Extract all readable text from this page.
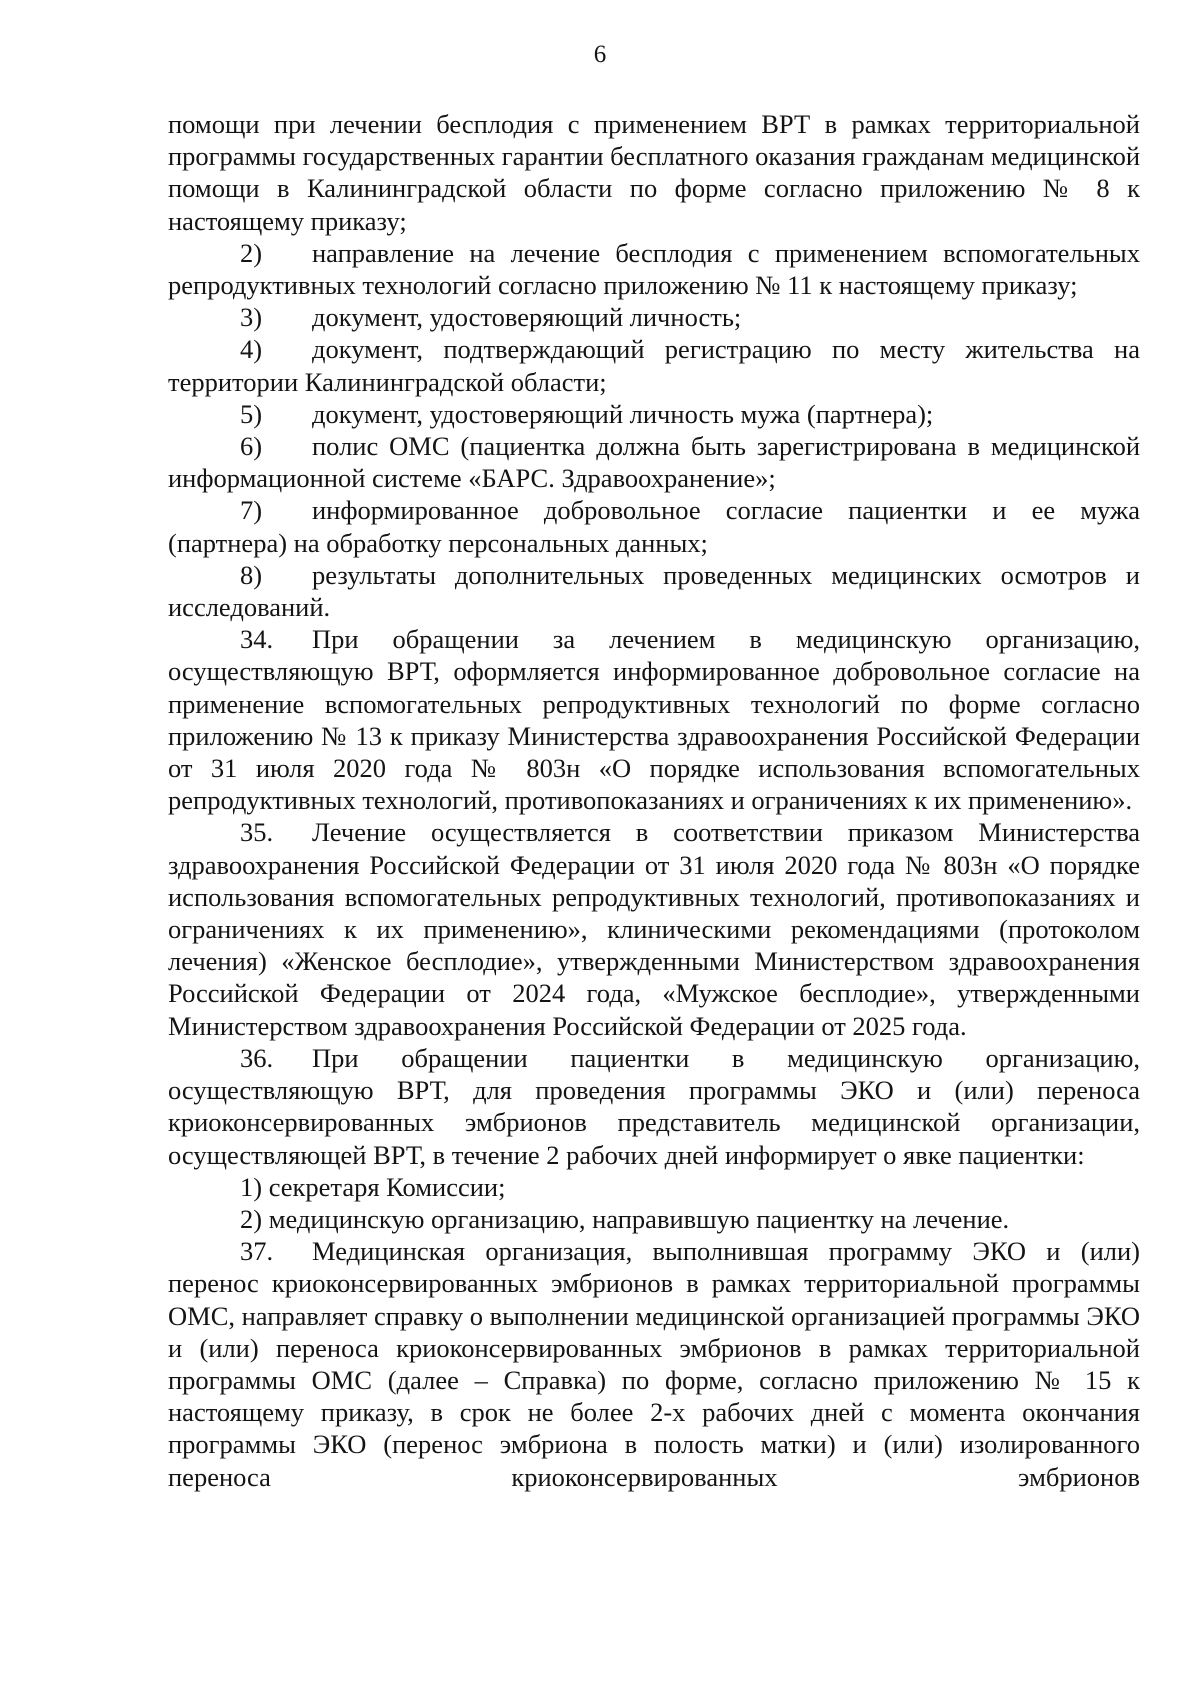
6

помощи при лечении бесплодия с применением ВРТ в рамках территориальной программы государственных гарантии бесплатного оказания гражданам медицинской помощи в Калининградской области по форме согласно приложению № 8 к настоящему приказу;

2) направление на лечение бесплодия с применением вспомогательных репродуктивных технологий согласно приложению № 11 к настоящему приказу;

3) документ, удостоверяющий личность;

4) документ, подтверждающий регистрацию по месту жительства на территории Калининградской области;

5) документ, удостоверяющий личность мужа (партнера);

6) полис ОМС (пациентка должна быть зарегистрирована в медицинской информационной системе «БАРС. Здравоохранение»;

7) информированное добровольное согласие пациентки и ее мужа (партнера) на обработку персональных данных;

8) результаты дополнительных проведенных медицинских осмотров и исследований.

34. При обращении за лечением в медицинскую организацию, осуществляющую ВРТ, оформляется информированное добровольное согласие на применение вспомогательных репродуктивных технологий по форме согласно приложению № 13 к приказу Министерства здравоохранения Российской Федерации от 31 июля 2020 года № 803н «О порядке использования вспомогательных репродуктивных технологий, противопоказаниях и ограничениях к их применению».

35. Лечение осуществляется в соответствии приказом Министерства здравоохранения Российской Федерации от 31 июля 2020 года № 803н «О порядке использования вспомогательных репродуктивных технологий, противопоказаниях и ограничениях к их применению», клиническими рекомендациями (протоколом лечения) «Женское бесплодие», утвержденными Министерством здравоохранения Российской Федерации от 2024 года, «Мужское бесплодие», утвержденными Министерством здравоохранения Российской Федерации от 2025 года.

36. При обращении пациентки в медицинскую организацию, осуществляющую ВРТ, для проведения программы ЭКО и (или) переноса криоконсервированных эмбрионов представитель медицинской организации, осуществляющей ВРТ, в течение 2 рабочих дней информирует о явке пациентки:

1) секретаря Комиссии;

2) медицинскую организацию, направившую пациентку на лечение.

37. Медицинская организация, выполнившая программу ЭКО и (или) перенос криоконсервированных эмбрионов в рамках территориальной программы ОМС, направляет справку о выполнении медицинской организацией программы ЭКО и (или) переноса криоконсервированных эмбрионов в рамках территориальной программы ОМС (далее – Справка) по форме, согласно приложению № 15 к настоящему приказу, в срок не более 2-х рабочих дней с момента окончания программы ЭКО (перенос эмбриона в полость матки) и (или) изолированного переноса криоконсервированных эмбрионов
